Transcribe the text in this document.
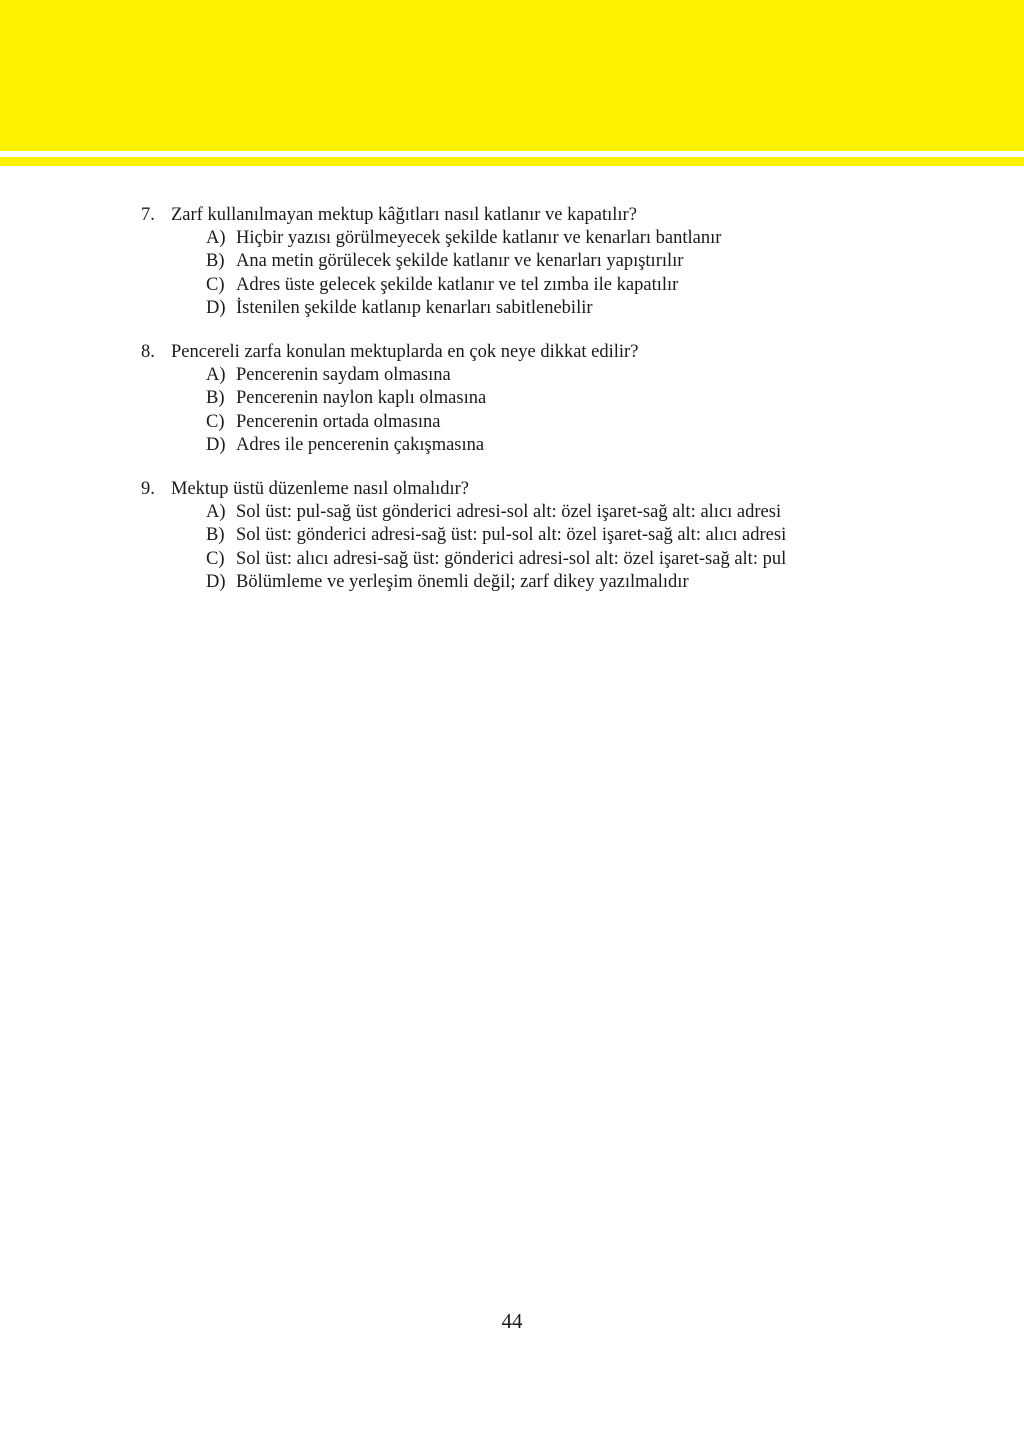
7. Zarf kullanılmayan mektup kâğıtları nasıl katlanır ve kapatılır?
A) Hiçbir yazısı görülmeyecek şekilde katlanır ve kenarları bantlanır
B) Ana metin görülecek şekilde katlanır ve kenarları yapıştırılır
C) Adres üste gelecek şekilde katlanır ve tel zımba ile kapatılır
D) İstenilen şekilde katlanıp kenarları sabitlenebilir
8. Pencereli zarfa konulan mektuplarda en çok neye dikkat edilir?
A) Pencerenin saydam olmasına
B) Pencerenin naylon kaplı olmasına
C) Pencerenin ortada olmasına
D) Adres ile pencerenin çakışmasına
9. Mektup üstü düzenleme nasıl olmalıdır?
A) Sol üst: pul-sağ üst gönderici adresi-sol alt: özel işaret-sağ alt: alıcı adresi
B) Sol üst: gönderici adresi-sağ üst: pul-sol alt: özel işaret-sağ alt: alıcı adresi
C) Sol üst: alıcı adresi-sağ üst: gönderici adresi-sol alt: özel işaret-sağ alt: pul
D) Bölümleme ve yerleşim önemli değil; zarf dikey yazılmalıdır
44
